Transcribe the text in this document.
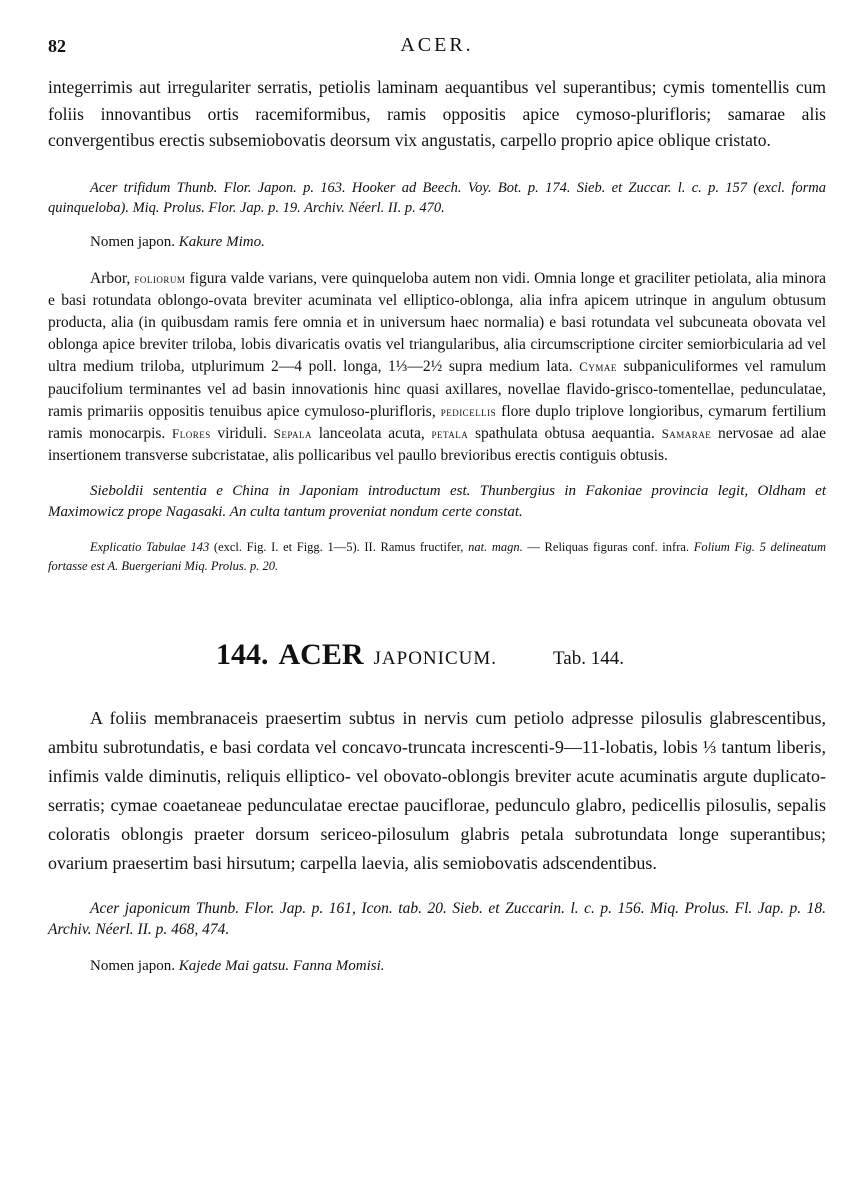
82	ACER.

integerrimis aut irregulariter serratis, petiolis laminam aequantibus vel superantibus; cymis tomentellis cum foliis innovantibus ortis racemiformibus, ramis oppositis apice cymoso-plurifloris; samarae alis convergentibus erectis subsemiobovatis deorsum vix angustatis, carpello proprio apice oblique cristato.

Acer trifidum Thunb. Flor. Japon. p. 163. Hooker ad Beech. Voy. Bot. p. 174. Sieb. et Zuccar. l. c. p. 157 (excl. forma quinqueloba). Miq. Prolus. Flor. Jap. p. 19. Archiv. Néerl. II. p. 470.

Nomen japon. Kakure Mimo.

Arbor, foliorum figura valde varians, vere quinqueloba autem non vidi. Omnia longe et graciliter petiolata, alia minora e basi rotundata oblongo-ovata breviter acuminata vel elliptico-oblonga, alia infra apicem utrinque in angulum obtusum producta, alia (in quibusdam ramis fere omnia et in universum haec normalia) e basi rotundata vel subcuneata obovata vel oblonga apice breviter triloba, lobis divaricatis ovatis vel triangularibus, alia circumscriptione circiter semiorbicularia ad vel ultra medium triloba, utplurimum 2—4 poll. longa, 1⅓—2½ supra medium lata. Cymae subpaniculiformes vel ramulum paucifolium terminantes vel ad basin innovationis hinc quasi axillares, novellae flavido-grisco-tomentellae, pedunculatae, ramis primariis oppositis tenuibus apice cymuloso-plurifloris, pedicellis flore duplo triplove longioribus, cymarum fertilium ramis monocarpis. Flores viriduli. Sepala lanceolata acuta, petala spathulata obtusa aequantia. Samarae nervosae ad alae insertionem transverse subcristatae, alis pollicaribus vel paullo brevioribus erectis contiguis obtusis.

Sieboldii sententia e China in Japoniam introductum est. Thunbergius in Fakoniae provincia legit, Oldham et Maximowicz prope Nagasaki. An culta tantum proveniat nondum certe constat.

Explicatio Tabulae 143 (excl. Fig. I. et Figg. 1—5). II. Ramus fructifer, nat. magn. — Reliquas figuras conf. infra. Folium Fig. 5 delineatum fortasse est A. Buergeriani Miq. Prolus. p. 20.

144. ACER JAPONICUM.	Tab. 144.

A foliis membranaceis praesertim subtus in nervis cum petiolo adpresse pilosulis glabrescentibus, ambitu subrotundatis, e basi cordata vel concavo-truncata increscenti-9—11-lobatis, lobis ⅓ tantum liberis, infimis valde diminutis, reliquis elliptico- vel obovato-oblongis breviter acute acuminatis argute duplicato-serratis; cymae coaetaneae pedunculatae erectae pauciflorae, pedunculo glabro, pedicellis pilosulis, sepalis coloratis oblongis praeter dorsum sericeo-pilosulum glabris petala subrotundata longe superantibus; ovarium praesertim basi hirsutum; carpella laevia, alis semiobovatis adscendentibus.

Acer japonicum Thunb. Flor. Jap. p. 161, Icon. tab. 20. Sieb. et Zuccarin. l. c. p. 156. Miq. Prolus. Fl. Jap. p. 18. Archiv. Néerl. II. p. 468, 474.

Nomen japon. Kajede Mai gatsu. Fanna Momisi.
